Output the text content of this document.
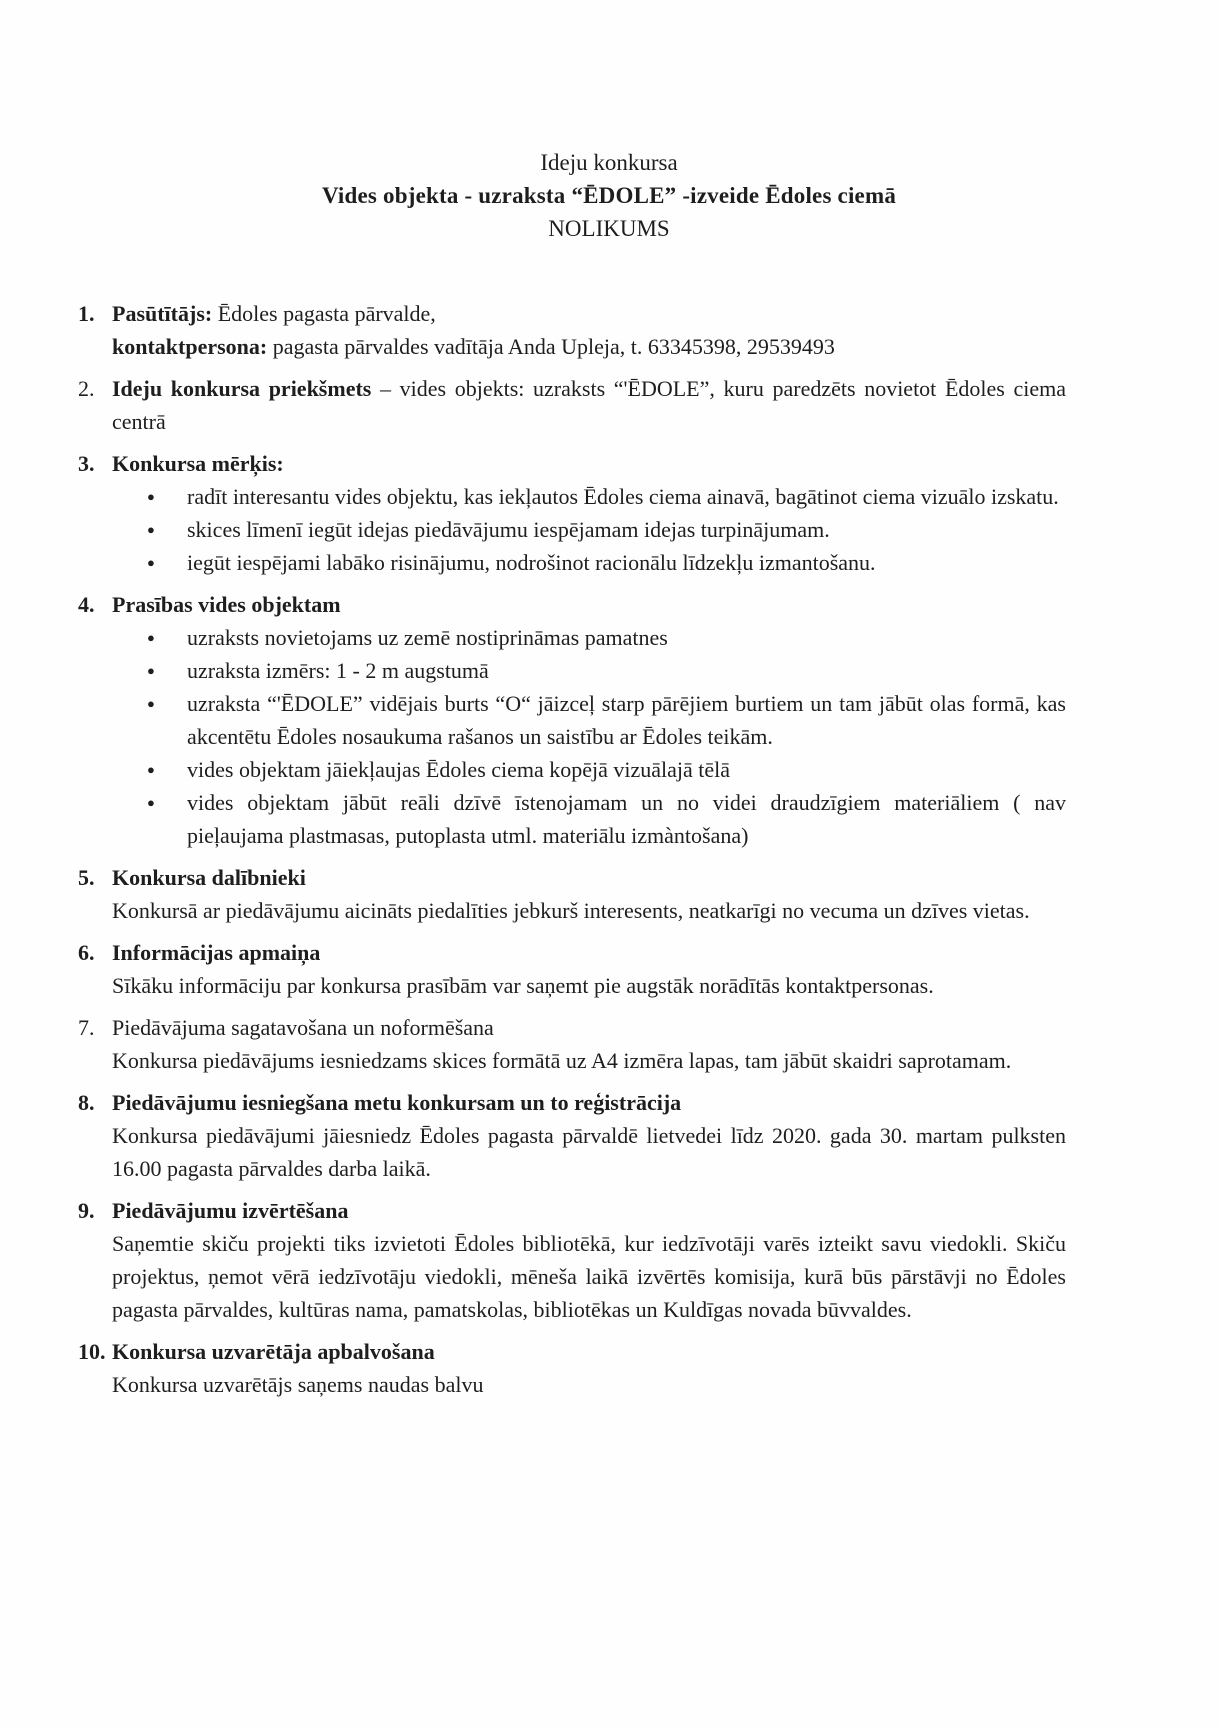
Ideju konkursa
Vides objekta - uzraksta “ĒDOLE” -izveide Ēdoles ciemā
NOLIKUMS
1. Pasūtītājs: Ēdoles pagasta pārvalde,
kontaktpersona: pagasta pārvaldes vadītāja Anda Upleja, t. 63345398, 29539493
2. Ideju konkursa priekšmets – vides objekts: uzraksts “'ĒDOLE”, kuru paredzēts novietot Ēdoles ciema centrā
3. Konkursa mērķis:
●	radīt interesantu vides objektu, kas iekļautos Ēdoles ciema ainavā, bagātinot ciema vizuālo izskatu.
●	skices līmenī iegūt idejas piedāvājumu iespējamam idejas turpinājumam.
●	iegūt iespējami labāko risinājumu, nodrošinot racionālu līdzekļu izmantošanu.
4. Prasības vides objektam
●	uzraksts novietojams uz zemē nostiprināmas pamatnes
●	uzraksta izmērs: 1 - 2 m augstumā
●	uzraksta “'ĒDOLE” vidējais burts “O“ jāizceļ starp pārējiem burtiem un tam jābūt olas formā, kas akcentētu Ēdoles nosaukuma rašanos un saistību ar Ēdoles teikām.
●	vides objektam jāiekļaujas Ēdoles ciema kopējā vizuālajā tēlā
●	vides objektam jābūt reāli dzīvē īstenojamam un no videi draudzīgiem materiāliem ( nav pieļaujama plastmasas, putoplasta utml. materiālu izmàntošana)
5. Konkursa dalībnieki
Konkursā ar piedāvājumu aicināts piedalīties jebkurš interesents, neatkarīgi no vecuma un dzīves vietas.
6. Informācijas apmaiņa
Sīkāku informāciju par konkursa prasībām var saņemt pie augstāk norādītās kontaktpersonas.
7. Piedāvājuma sagatavošana un noformēšana
Konkursa piedāvājums iesniedzams skices formātā uz A4 izmēra lapas, tam jābūt skaidri saprotamam.
8. Piedāvājumu iesniegšana metu konkursam un to reģistrācija
Konkursa piedāvājumi jāiesniedz Ēdoles pagasta pārvaldē lietvedei līdz 2020. gada 30. martam pulksten 16.00 pagasta pārvaldes darba laikā.
9. Piedāvājumu izvērtēšana
Saņemtie skiču projekti tiks izvietoti Ēdoles bibliotēkā, kur iedzīvotāji varēs izteikt savu viedokli. Skiču projektus, ņemot vērā iedzīvotāju viedokli, mēneša laikā izvērtēs komisija, kurā būs pārstāvji no Ēdoles pagasta pārvaldes, kultūras nama, pamatskolas, bibliotēkas un Kuldīgas novada būvvaldes.
10. Konkursa uzvarētāja apbalvošana
Konkursa uzvarētājs saņems naudas balvu
